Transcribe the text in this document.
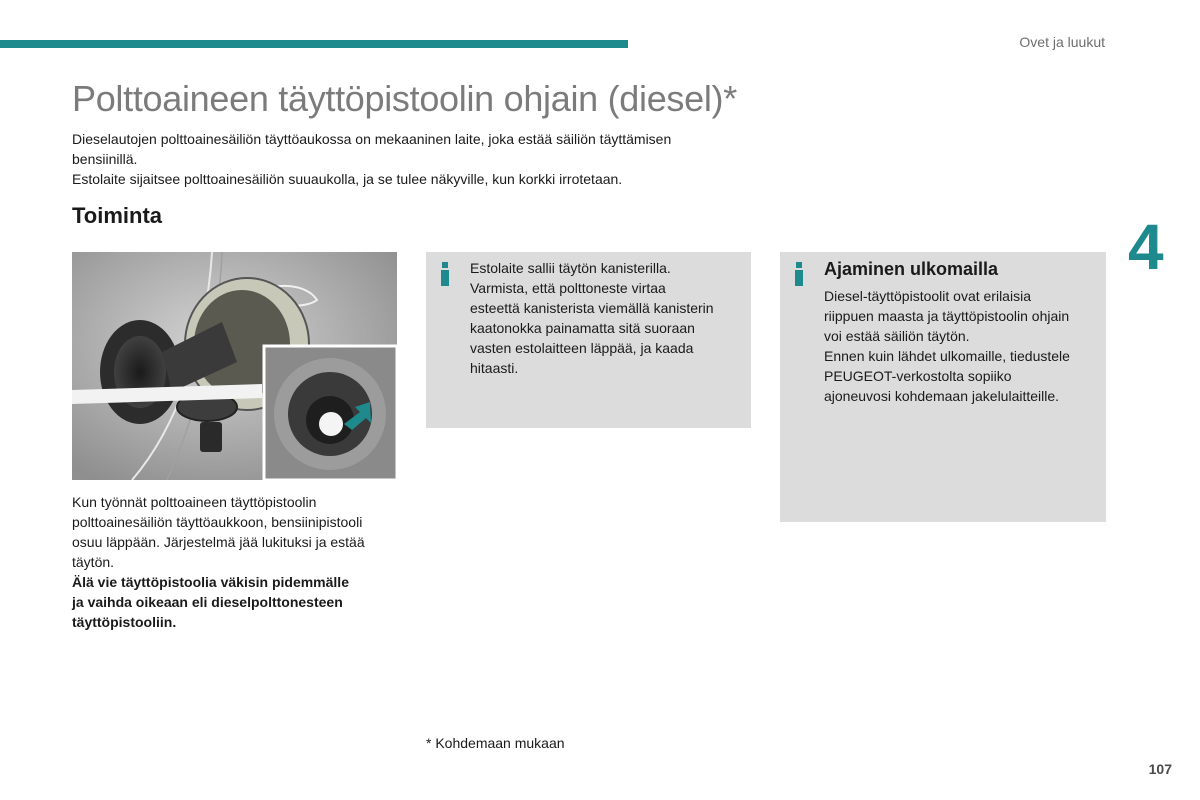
Ovet ja luukut
Polttoaineen täyttöpistoolin ohjain (diesel)*

Dieselautojen polttoainesäiliön täyttöaukossa on mekaaninen laite, joka estää säiliön täyttämisen

bensiinillä.

Estolaite sijaitsee polttoainesäiliön suuaukolla, ja se tulee näkyville, kun korkki irrotetaan.

Toiminta	4

Kun työnnät polttoaineen täyttöpistoolin

polttoainesäiliön täyttöaukkoon, bensiinipistooli

osuu läppään. Järjestelmä jää lukituksi ja estää

täytön.

Älä vie täyttöpistoolia väkisin pidemmälle

ja vaihda oikeaan eli dieselpolttonesteen

täyttöpistooliin.

Estolaite sallii täytön kanisterilla.

Varmista, että polttoneste virtaa

esteettä kanisterista viemällä kanisterin

kaatonokka painamatta sitä suoraan

vasten estolaitteen läppää, ja kaada

hitaasti.

Ajaminen ulkomailla

Diesel-täyttöpistoolit ovat erilaisia

riippuen maasta ja täyttöpistoolin ohjain

voi estää säiliön täytön.

Ennen kuin lähdet ulkomaille, tiedustele

PEUGEOT-verkostolta sopiiko

ajoneuvosi kohdemaan jakelulaitteille.

* Kohdemaan mukaan
107
